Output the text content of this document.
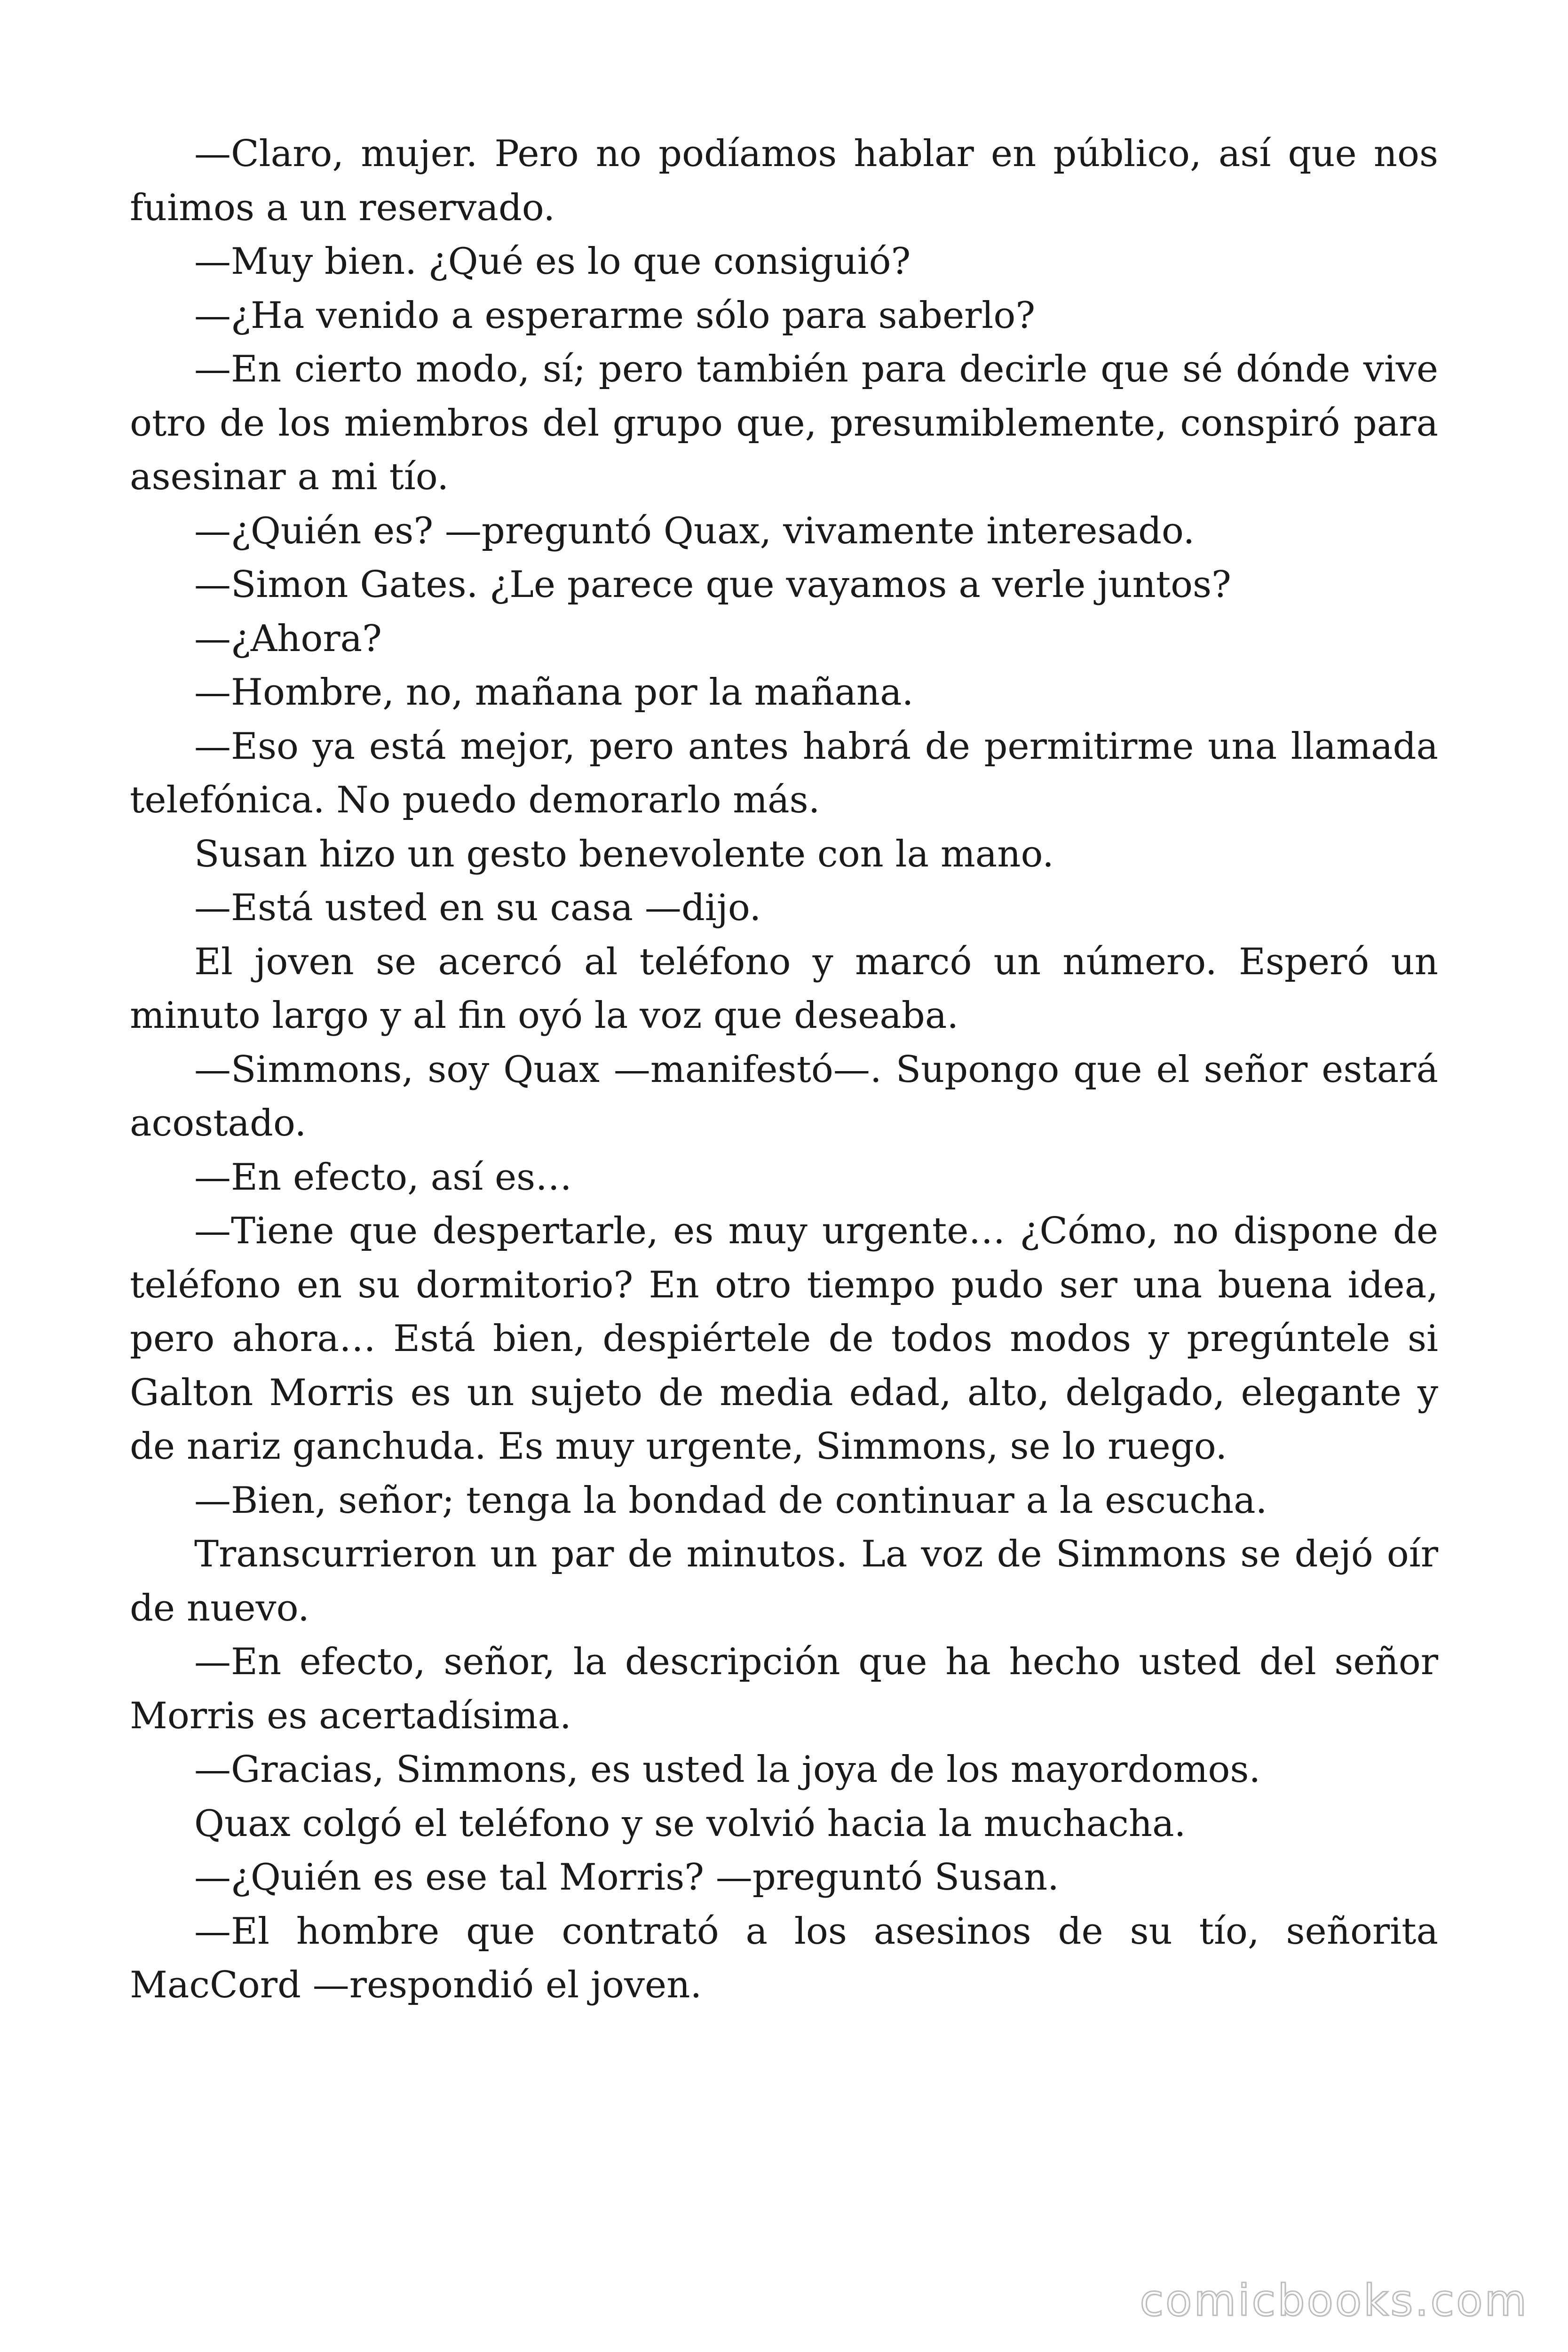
—Claro, mujer. Pero no podíamos hablar en público, así que nos fuimos a un reservado.

—Muy bien. ¿Qué es lo que consiguió?

—¿Ha venido a esperarme sólo para saberlo?

—En cierto modo, sí; pero también para decirle que sé dónde vive otro de los miembros del grupo que, presumiblemente, conspiró para asesinar a mi tío.

—¿Quién es? —preguntó Quax, vivamente interesado.

—Simon Gates. ¿Le parece que vayamos a verle juntos?

—¿Ahora?

—Hombre, no, mañana por la mañana.

—Eso ya está mejor, pero antes habrá de permitirme una llamada telefónica. No puedo demorarlo más.

Susan hizo un gesto benevolente con la mano.

—Está usted en su casa —dijo.

El joven se acercó al teléfono y marcó un número. Esperó un minuto largo y al fin oyó la voz que deseaba.

—Simmons, soy Quax —manifestó—. Supongo que el señor estará acostado.

—En efecto, así es…

—Tiene que despertarle, es muy urgente… ¿Cómo, no dispone de teléfono en su dormitorio? En otro tiempo pudo ser una buena idea, pero ahora… Está bien, despiértele de todos modos y pregúntele si Galton Morris es un sujeto de media edad, alto, delgado, elegante y de nariz ganchuda. Es muy urgente, Simmons, se lo ruego.

—Bien, señor; tenga la bondad de continuar a la escucha.

Transcurrieron un par de minutos. La voz de Simmons se dejó oír de nuevo.

—En efecto, señor, la descripción que ha hecho usted del señor Morris es acertadísima.

—Gracias, Simmons, es usted la joya de los mayordomos.

Quax colgó el teléfono y se volvió hacia la muchacha.

—¿Quién es ese tal Morris? —preguntó Susan.

—El hombre que contrató a los asesinos de su tío, señorita MacCord —respondió el joven.

comicbooks.com
